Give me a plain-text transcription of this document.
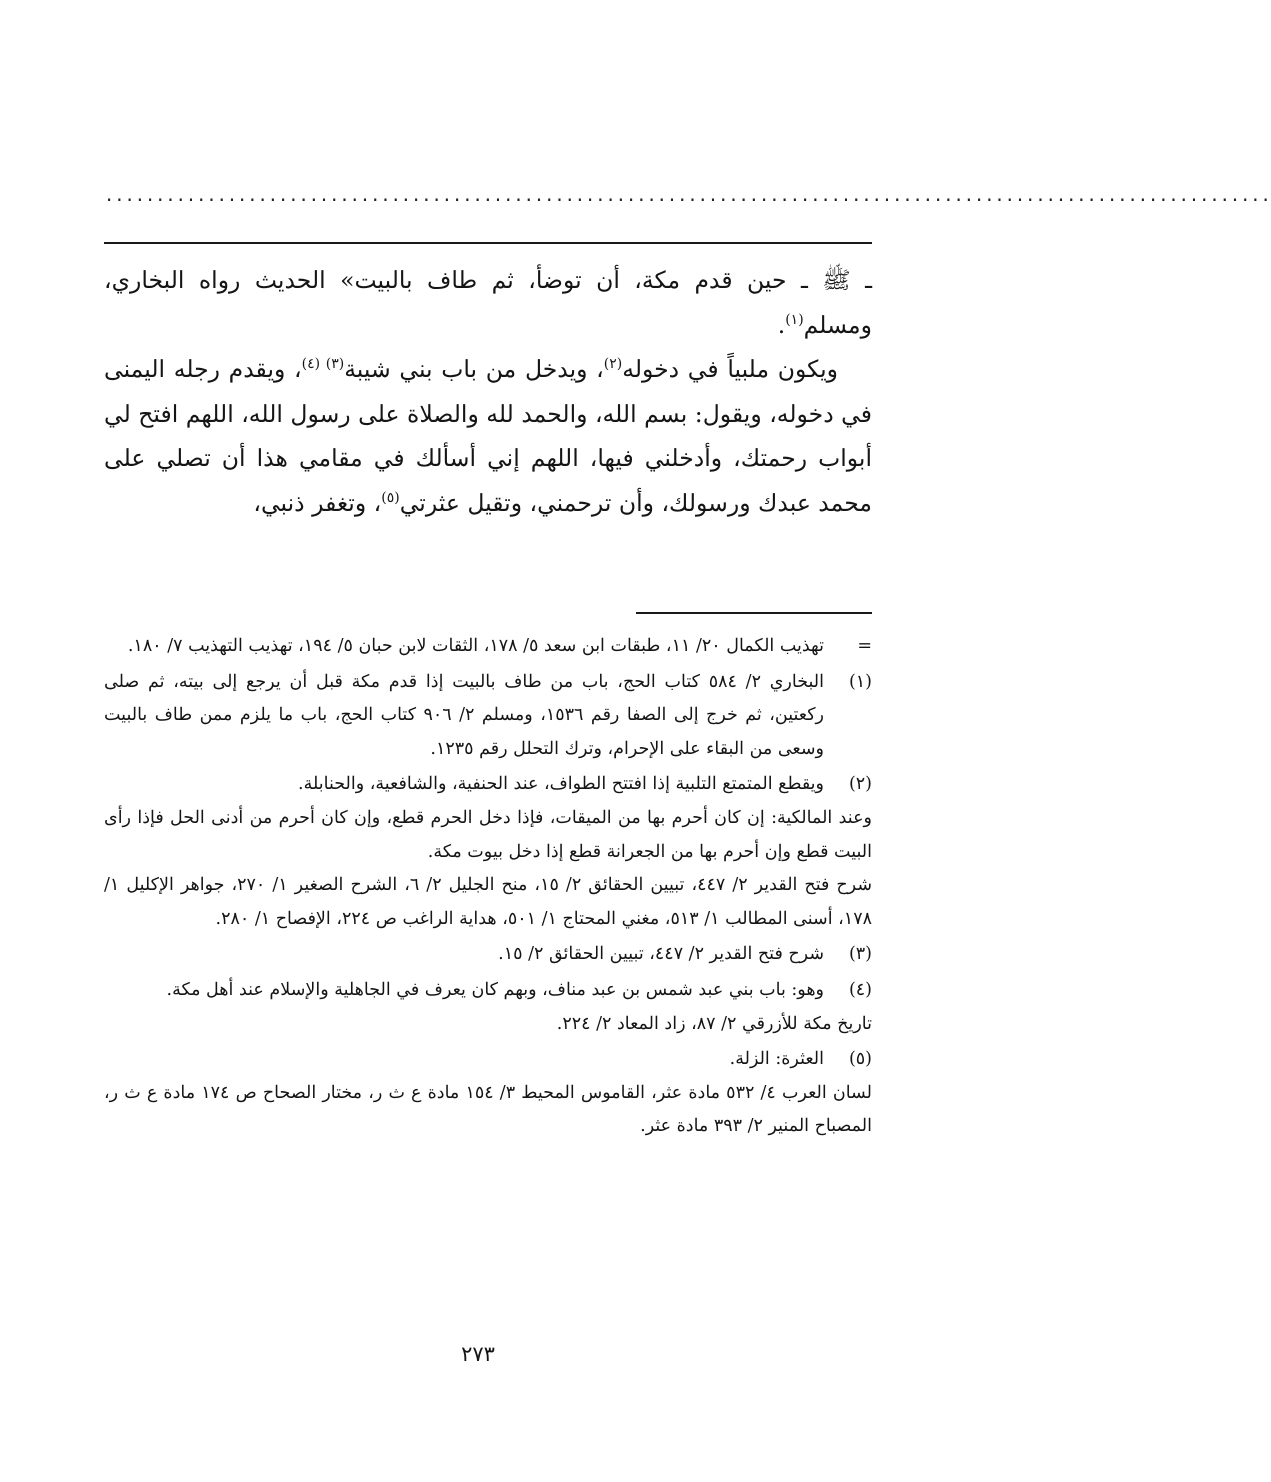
..................................................................................................................

ـ ﷺ ـ حين قدم مكة، أن توضأ، ثم طاف بالبيت» الحديث رواه البخاري، ومسلم$^{(١)}$.

ويكون ملبياً في دخوله$^{(٢)}$، ويدخل من باب بني شيبة$^{(٣) (٤)}$، ويقدم رجله اليمنى في دخوله، ويقول: بسم الله، والحمد لله والصلاة على رسول الله، اللهم افتح لي أبواب رحمتك، وأدخلني فيها، اللهم إني أسألك في مقامي هذا أن تصلي على محمد عبدك ورسولك، وأن ترحمني، وتقيل عثرتي$^{(٥)}$، وتغفر ذنبي،

=

تهذيب الكمال ٢٠/ ١١، طبقات ابن سعد ٥/ ١٧٨، الثقات لابن حبان ٥/ ١٩٤، تهذيب التهذيب ٧/ ١٨٠.

(١)

البخاري ٢/ ٥٨٤ كتاب الحج، باب من طاف بالبيت إذا قدم مكة قبل أن يرجع إلى بيته، ثم صلى ركعتين، ثم خرج إلى الصفا رقم ١٥٣٦، ومسلم ٢/ ٩٠٦ كتاب الحج، باب ما يلزم ممن طاف بالبيت وسعى من البقاء على الإحرام، وترك التحلل رقم ١٢٣٥.

(٢)

ويقطع المتمتع التلبية إذا افتتح الطواف، عند الحنفية، والشافعية، والحنابلة.

وعند المالكية: إن كان أحرم بها من الميقات، فإذا دخل الحرم قطع، وإن كان أحرم من أدنى الحل فإذا رأى البيت قطع وإن أحرم بها من الجعرانة قطع إذا دخل بيوت مكة.

شرح فتح القدير ٢/ ٤٤٧، تبيين الحقائق ٢/ ١٥، منح الجليل ٢/ ٦، الشرح الصغير ١/ ٢٧٠، جواهر الإكليل ١/ ١٧٨، أسنى المطالب ١/ ٥١٣، مغني المحتاج ١/ ٥٠١، هداية الراغب ص ٢٢٤، الإفصاح ١/ ٢٨٠.

(٣)

شرح فتح القدير ٢/ ٤٤٧، تبيين الحقائق ٢/ ١٥.

(٤)

وهو: باب بني عبد شمس بن عبد مناف، وبهم كان يعرف في الجاهلية والإسلام عند أهل مكة.

تاريخ مكة للأزرقي ٢/ ٨٧، زاد المعاد ٢/ ٢٢٤.

(٥)

العثرة: الزلة.

لسان العرب ٤/ ٥٣٢ مادة عثر، القاموس المحيط ٣/ ١٥٤ مادة ع ث ر، مختار الصحاح ص ١٧٤ مادة ع ث ر، المصباح المنير ٢/ ٣٩٣ مادة عثر.

٢٧٣
